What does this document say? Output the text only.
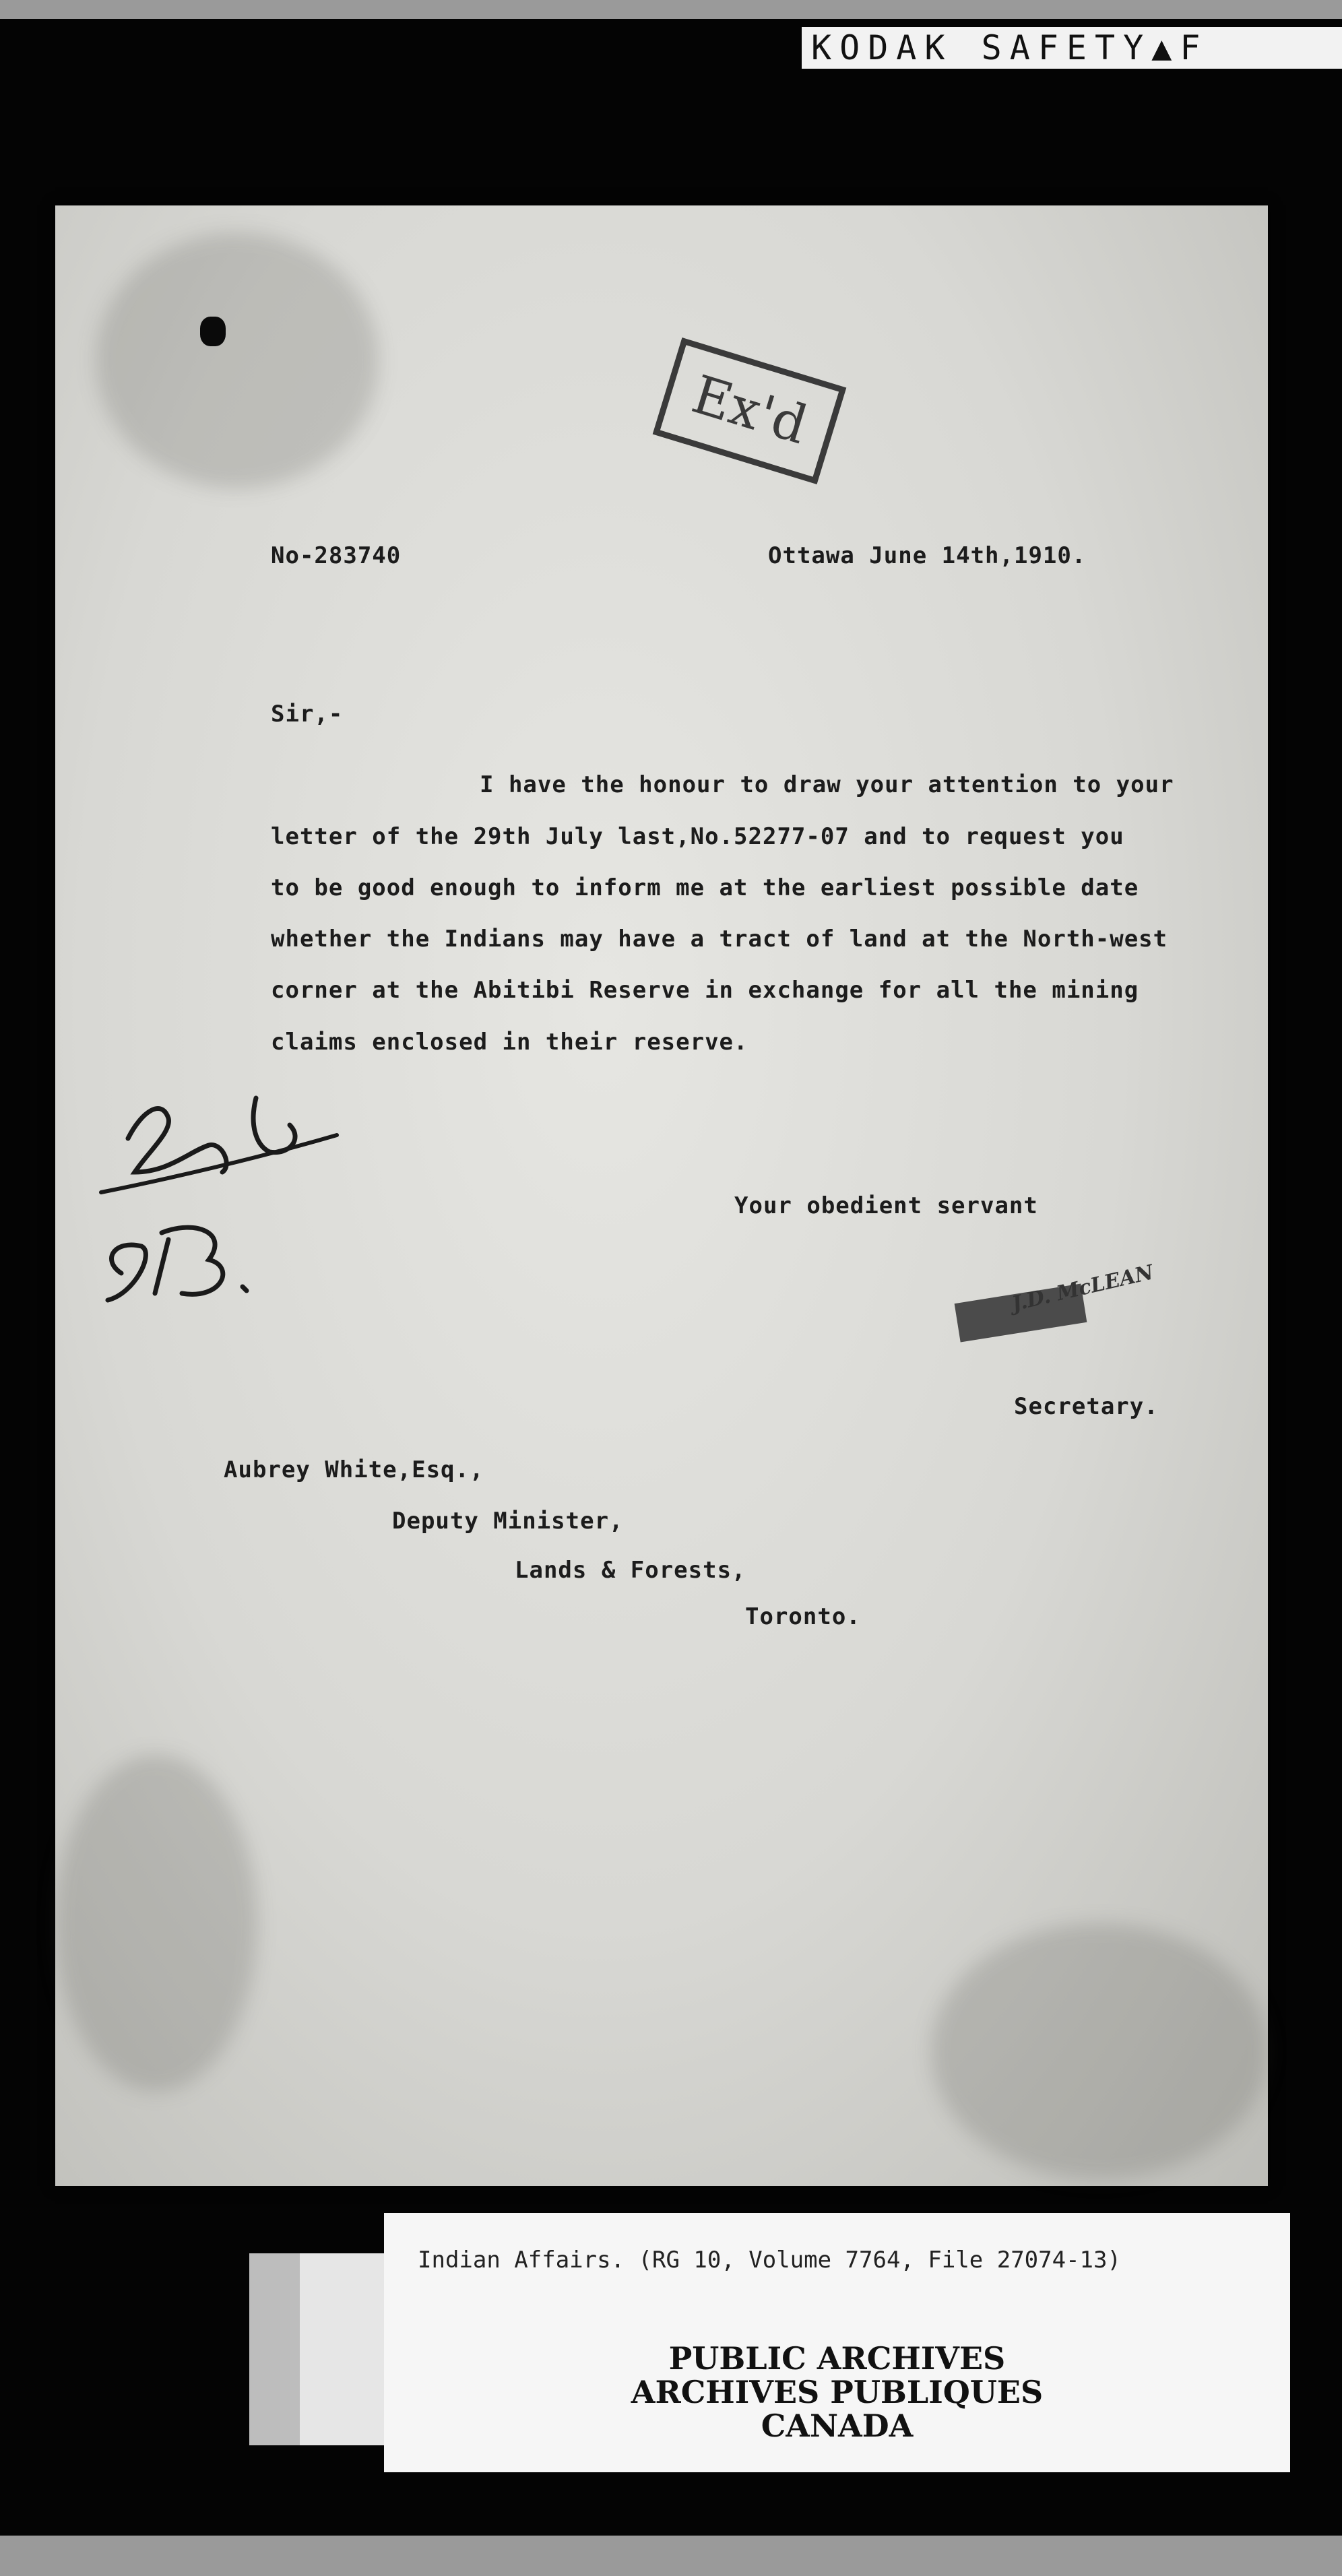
KODAK SAFETY▲F
Ex'd
No-283740	Ottawa June 14th,1910.
Sir,-
I have the honour to draw your attention to your
letter of the 29th July last,No.52277-07 and to request you
to be good enough to inform me at the earliest possible date
whether the Indians may have a tract of land at the North-west
corner at the Abitibi Reserve in exchange for all the mining
claims enclosed in their reserve.
Your obedient servant
J.D. McLEAN
Secretary.
Aubrey White,Esq.,
Deputy Minister,
Lands & Forests,
Toronto.
Indian Affairs. (RG 10, Volume 7764, File 27074-13)
PUBLIC ARCHIVES
ARCHIVES PUBLIQUES
CANADA
